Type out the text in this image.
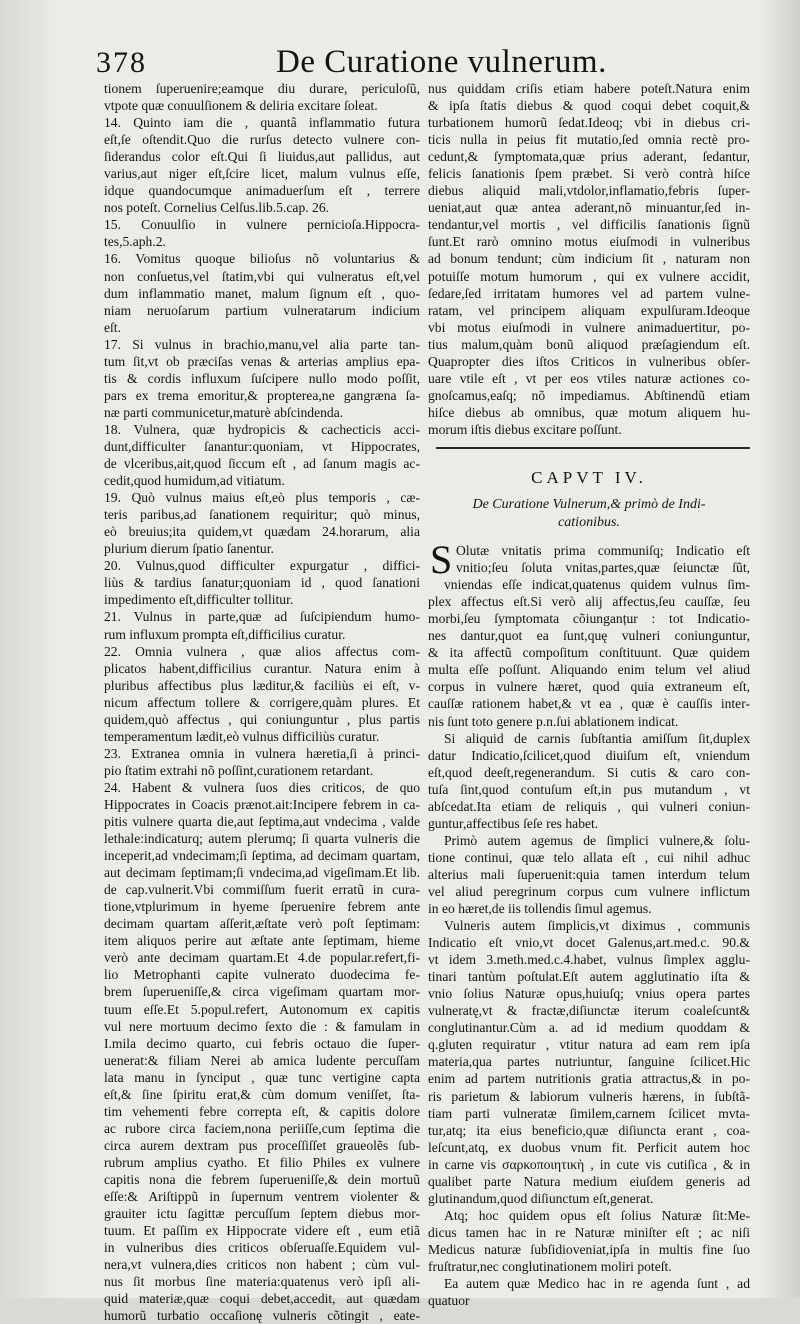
378	De Curatione vulnerum.
tionem ſuperuenire;eamque diu durare, periculoſũ,
vtpote quæ conuulſionem & deliria excitare ſoleat.
14. Quinto iam die , quantâ inflammatio futura
eſt,ſe oſtendit.Quo die rurſus detecto vulnere con-
ſiderandus color eſt.Qui ſi liuidus,aut pallidus, aut
varius,aut niger eſt,ſcire licet, malum vulnus eſſe,
idque quandocumque animaduerſum eſt , terrere
nos poteſt. Cornelius Celſus.lib.5.cap. 26.
15. Conuulſio in vulnere pernicioſa.Hippocra-
tes,5.aph.2.
16. Vomitus quoque bilioſus nõ voluntarius &
non conſuetus,vel ſtatim,vbi qui vulneratus eſt,vel
dum inflammatio manet, malum ſignum eſt , quo-
niam neruoſarum partium vulneratarum indicium
eſt.
17. Si vulnus in brachio,manu,vel alia parte tan-
tum ſit,vt ob præciſas venas & arterias amplius epa-
tis & cordis influxum ſuſcipere nullo modo poſſit,
pars ex trema emoritur,& propterea,ne gangræna ſa-
næ parti communicetur,maturè abſcindenda.
18. Vulnera, quæ hydropicis & cachecticis acci-
dunt,difficulter ſanantur:quoniam, vt Hippocrates,
de vlceribus,ait,quod ſiccum eſt , ad ſanum magis ac-
cedit,quod humidum,ad vitiatum.
19. Quò vulnus maius eſt,eò plus temporis , cæ-
teris paribus,ad ſanationem requiritur; quò minus,
eò breuius;ita quidem,vt quædam 24.horarum, alia
plurium dierum ſpatio ſanentur.
20. Vulnus,quod difficulter expurgatur , diffici-
liùs & tardius ſanatur;quoniam id , quod ſanationi
impedimento eſt,difficulter tollitur.
21. Vulnus in parte,quæ ad ſuſcipiendum humo-
rum influxum prompta eſt,difficilius curatur.
22. Omnia vulnera , quæ alios affectus com-
plicatos habent,difficilius curantur. Natura enim à
pluribus affectibus plus læditur,& faciliùs ei eſt, v-
nicum affectum tollere & corrigere,quàm plures. Et
quidem,quò affectus , qui coniunguntur , plus partis
temperamentum lædit,eò vulnus difficiliùs curatur.
23. Extranea omnia in vulnera hæretia,ſi à princi-
pio ſtatim extrahi nõ poſſint,curationem retardant.
24. Habent & vulnera ſuos dies criticos, de quo
Hippocrates in Coacis prænot.ait:Incipere febrem in ca-
pitis vulnere quarta die,aut ſeptima,aut vndecima , valde
lethale:indicaturq; autem plerumq; ſi quarta vulneris die
inceperit,ad vndecimam;ſi ſeptima, ad decimam quartam,
aut decimam ſeptimam;ſi vndecima,ad vigeſimam.Et lib.
de cap.vulnerit.Vbi commiſſum fuerit erratũ in cura-
tione,vtplurimum in hyeme ſperuenire febrem ante
decimam quartam aſſerit,æſtate verò poſt ſeptimam:
item aliquos perire aut æſtate ante ſeptimam, hieme
verò ante decimam quartam.Et 4.de popular.refert,fi-
lio Metrophanti capite vulnerato duodecima fe-
brem ſuperueniſſe,& circa vigeſimam quartam mor-
tuum eſſe.Et 5.popul.refert, Autonomum ex capitis
vul nere mortuum decimo ſexto die : & famulam in
I.mila decimo quarto, cui febris octauo die ſuper-
uenerat:& filiam Nerei ab amica ludente percuſſam
lata manu in ſynciput , quæ tunc vertigine capta
eſt,& ſine ſpiritu erat,& cùm domum veniſſet, ſta-
tim vehementi febre correpta eſt, & capitis dolore
ac rubore circa faciem,nona periiſſe,cum ſeptima die
circa aurem dextram pus proceſſiſſet graueolẽs ſub-
rubrum amplius cyatho. Et filio Philes ex vulnere
capitis nona die febrem ſuperueniſſe,& dein mortuũ
eſſe:& Ariſtippũ in ſupernum ventrem violenter &
grauiter ictu ſagittæ percuſſum ſeptem diebus mor-
tuum. Et paſſim ex Hippocrate videre eſt , eum etiã
in vulneribus dies criticos obſeruaſſe.Equidem vul-
nera,vt vulnera,dies criticos non habent ; cùm vul-
nus ſit morbus ſine materia:quatenus verò ipſi ali-
quid materiæ,quæ coqui debet,accedit, aut quædam
humorũ turbatio occaſionę vulneris cõtingit , eate-
nus quiddam criſis etiam habere poteſt.Natura enim
& ipſa ſtatis diebus & quod coqui debet coquit,&
turbationem humorũ ſedat.Ideoq; vbi in diebus cri-
ticis nulla in peius fit mutatio,ſed omnia rectè pro-
cedunt,& ſymptomata,quæ prius aderant, ſedantur,
felicis ſanationis ſpem præbet. Si verò contrà hiſce
diebus aliquid mali,vtdolor,inflamatio,febris ſuper-
ueniat,aut quæ antea aderant,nõ minuantur,ſed in-
tendantur,vel mortis , vel difficilis ſanationis ſignũ
ſunt.Et rarò omnino motus eiuſmodi in vulneribus
ad bonum tendunt; cùm indicium ſit , naturam non
potuiſſe motum humorum , qui ex vulnere accidit,
ſedare,ſed irritatam humores vel ad partem vulne-
ratam, vel principem aliquam expulſuram.Ideoque
vbi motus eiuſmodi in vulnere animaduertitur, po-
tius malum,quàm bonũ aliquod præſagiendum eſt.
Quapropter dies iſtos Criticos in vulneribus obſer-
uare vtile eſt , vt per eos vtiles naturæ actiones co-
gnoſcamus,eaſq; nõ impediamus. Abſtinendũ etiam
hiſce diebus ab omnibus, quæ motum aliquem hu-
morum iſtis diebus excitare poſſunt.
CAPVT IV.
De Curatione Vulnerum,& primò de Indi-
cationibus.
S Olutæ vnitatis prima communiſq; Indicatio eſt
vnitio;ſeu ſoluta vnitas,partes,quæ ſeiunctæ ſũt,
vniendas eſſe indicat,quatenus quidem vulnus ſim-
plex affectus eſt.Si verò alij affectus,ſeu cauſſæ, ſeu
morbi,ſeu ſymptomata cõiunganțur : tot Indicatio-
nes dantur,quot ea ſunt,quę vulneri coniunguntur,
& ita affectũ compoſitum conſtituunt. Quæ quidem
multa eſſe poſſunt. Aliquando enim telum vel aliud
corpus in vulnere hæret, quod quia extraneum eſt,
cauſſæ rationem habet,& vt ea , quæ è cauſſis inter-
nis ſunt toto genere p.n.ſui ablationem indicat.
Si aliquid de carnis ſubſtantia amiſſum ſit,duplex
datur Indicatio,ſcilicet,quod diuiſum eſt, vniendum
eſt,quod deeſt,regenerandum. Si cutis & caro con-
tuſa ſint,quod contuſum eſt,in pus mutandum , vt
abſcedat.Ita etiam de reliquis , qui vulneri coniun-
guntur,affectibus ſeſe res habet.
Primò autem agemus de ſimplici vulnere,& ſolu-
tione continui, quæ telo allata eſt , cui nihil adhuc
alterius mali ſuperuenit:quia tamen interdum telum
vel aliud peregrinum corpus cum vulnere inflictum
in eo hæret,de iis tollendis ſimul agemus.
Vulneris autem ſimplicis,vt diximus , communis
Indicatio eſt vnio,vt docet Galenus,art.med.c. 90.&
vt idem 3.meth.med.c.4.habet, vulnus ſimplex agglu-
tinari tantùm poſtulat.Eſt autem agglutinatio iſta &
vnio ſolius Naturæ opus,huiuſq; vnius opera partes
vulneratę,vt & fractæ,diſiunctæ iterum coaleſcunt&
conglutinantur.Cùm a. ad id medium quoddam &
q.gluten requiratur , vtitur natura ad eam rem ipſa
materia,qua partes nutriuntur, ſanguine ſcilicet.Hic
enim ad partem nutritionis gratia attractus,& in po-
ris parietum & labiorum vulneris hærens, in ſubſtã-
tiam parti vulneratæ ſimilem,carnem ſcilicet mvta-
tur,atq; ita eius beneficio,quæ diſiuncta erant , coa-
leſcunt,atq, ex duobus vnum fit. Perficit autem hoc
in carne vis σαρκοποιητικὴ , in cute vis cutiſica , & in
qualibet parte Natura medium eiuſdem generis ad
glutinandum,quod diſiunctum eſt,generat.
Atq; hoc quidem opus eſt ſolius Naturæ ſit:Me-
dicus tamen hac in re Naturæ miniſter eſt ; ac niſi
Medicus naturæ ſubſidioveniat,ipſa in multis fine ſuo
fruſtratur,nec conglutinationem moliri poteſt.
Ea autem quæ Medico hac in re agenda ſunt , ad
quatuor
